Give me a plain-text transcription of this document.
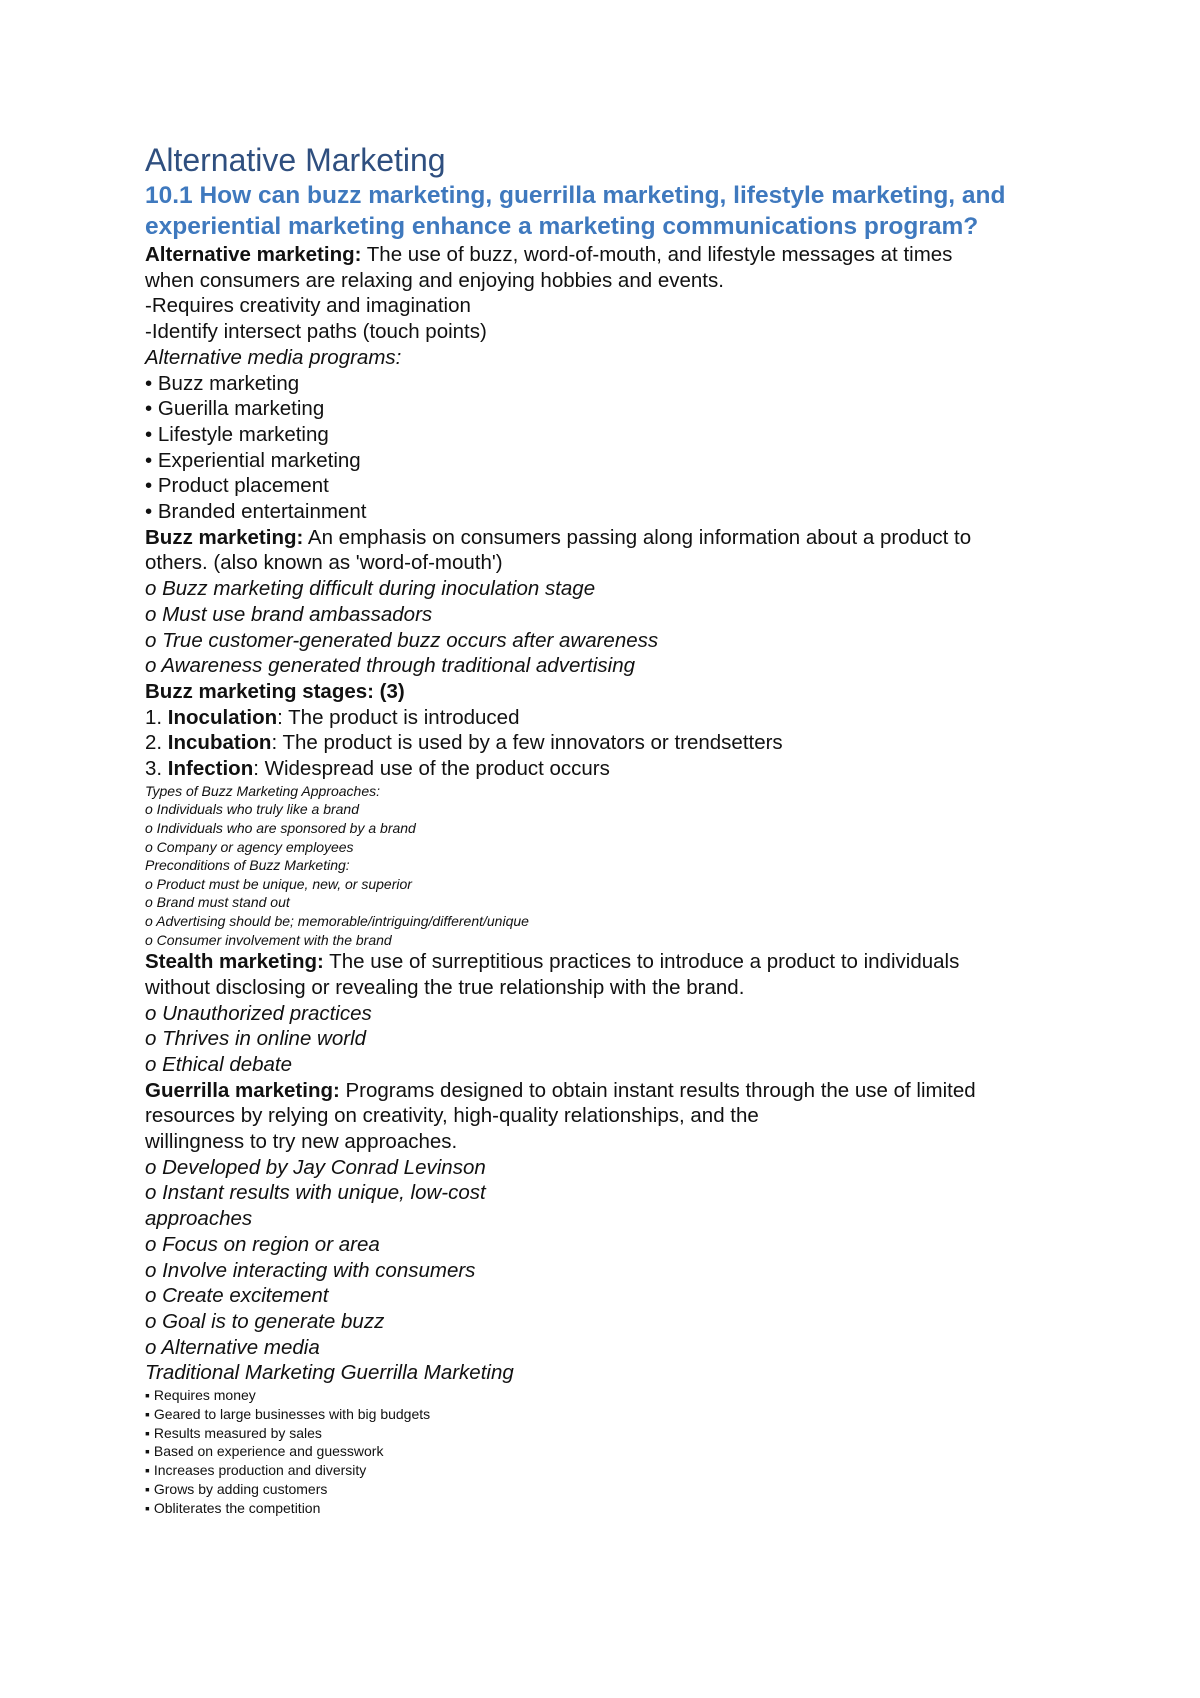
Alternative Marketing
10.1 How can buzz marketing, guerrilla marketing, lifestyle marketing, and
experiential marketing enhance a marketing communications program?
Alternative marketing: The use of buzz, word-of-mouth, and lifestyle messages at times
when consumers are relaxing and enjoying hobbies and events.
-Requires creativity and imagination
-Identify intersect paths (touch points)
Alternative media programs:
• Buzz marketing
• Guerilla marketing
• Lifestyle marketing
• Experiential marketing
• Product placement
• Branded entertainment
Buzz marketing: An emphasis on consumers passing along information about a product to
others. (also known as 'word-of-mouth')
o Buzz marketing difficult during inoculation stage
o Must use brand ambassadors
o True customer-generated buzz occurs after awareness
o Awareness generated through traditional advertising
Buzz marketing stages: (3)
1. Inoculation: The product is introduced
2. Incubation: The product is used by a few innovators or trendsetters
3. Infection: Widespread use of the product occurs
Types of Buzz Marketing Approaches:
o Individuals who truly like a brand
o Individuals who are sponsored by a brand
o Company or agency employees
Preconditions of Buzz Marketing:
o Product must be unique, new, or superior
o Brand must stand out
o Advertising should be; memorable/intriguing/different/unique
o Consumer involvement with the brand
Stealth marketing: The use of surreptitious practices to introduce a product to individuals
without disclosing or revealing the true relationship with the brand.
o Unauthorized practices
o Thrives in online world
o Ethical debate
Guerrilla marketing: Programs designed to obtain instant results through the use of limited
resources by relying on creativity, high-quality relationships, and the
willingness to try new approaches.
o Developed by Jay Conrad Levinson
o Instant results with unique, low-cost
approaches
o Focus on region or area
o Involve interacting with consumers
o Create excitement
o Goal is to generate buzz
o Alternative media
Traditional Marketing Guerrilla Marketing
▪ Requires money
▪ Geared to large businesses with big budgets
▪ Results measured by sales
▪ Based on experience and guesswork
▪ Increases production and diversity
▪ Grows by adding customers
▪ Obliterates the competition
